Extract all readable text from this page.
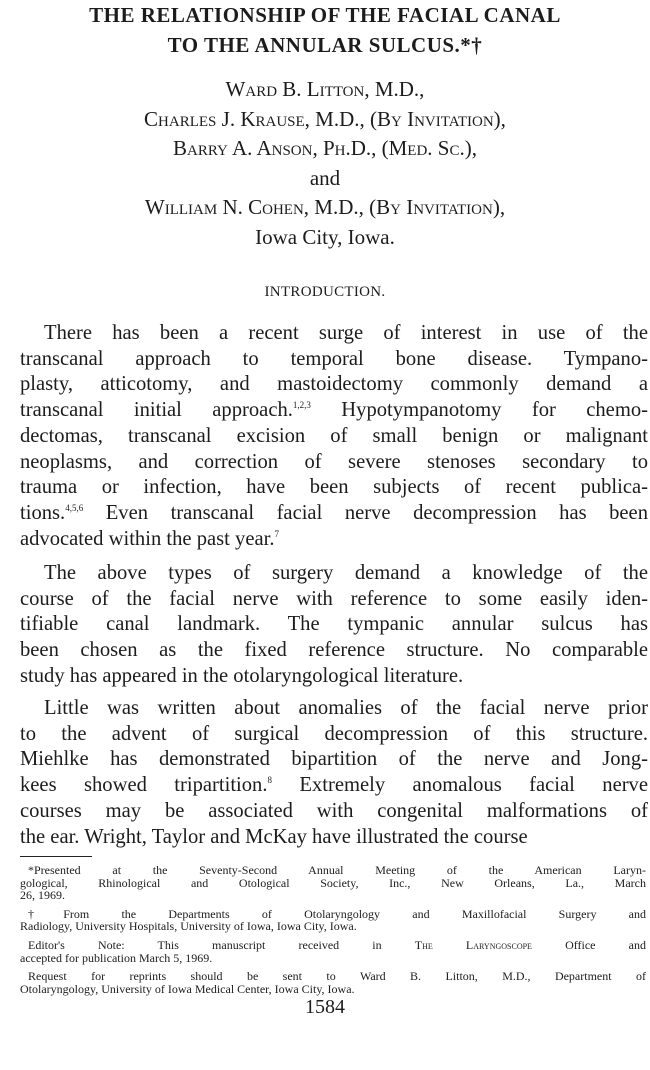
THE RELATIONSHIP OF THE FACIAL CANAL
TO THE ANNULAR SULCUS.*†
Ward B. Litton, M.D.,
Charles J. Krause, M.D., (By Invitation),
Barry A. Anson, Ph.D., (Med. Sc.),
and
William N. Cohen, M.D., (By Invitation),
Iowa City, Iowa.
INTRODUCTION.
There has been a recent surge of interest in use of the
transcanal approach to temporal bone disease. Tympano-
plasty, atticotomy, and mastoidectomy commonly demand a
transcanal initial approach.$^{1,2,3}$ Hypotympanotomy for chemo-
dectomas, transcanal excision of small benign or malignant
neoplasms, and correction of severe stenoses secondary to
trauma or infection, have been subjects of recent publica-
tions.$^{4,5,6}$ Even transcanal facial nerve decompression has been
advocated within the past year.$^7$
The above types of surgery demand a knowledge of the
course of the facial nerve with reference to some easily iden-
tifiable canal landmark. The tympanic annular sulcus has
been chosen as the fixed reference structure. No comparable
study has appeared in the otolaryngological literature.
Little was written about anomalies of the facial nerve prior
to the advent of surgical decompression of this structure.
Miehlke has demonstrated bipartition of the nerve and Jong-
kees showed tripartition.$^8$ Extremely anomalous facial nerve
courses may be associated with congenital malformations of
the ear. Wright, Taylor and McKay have illustrated the course
*Presented at the Seventy-Second Annual Meeting of the American Laryn-
gological, Rhinological and Otological Society, Inc., New Orleans, La., March
26, 1969.
†From the Departments of Otolaryngology and Maxillofacial Surgery and
Radiology, University Hospitals, University of Iowa, Iowa City, Iowa.
Editor's Note: This manuscript received in The Laryngoscope Office and
accepted for publication March 5, 1969.
Request for reprints should be sent to Ward B. Litton, M.D., Department of
Otolaryngology, University of Iowa Medical Center, Iowa City, Iowa.
1584
